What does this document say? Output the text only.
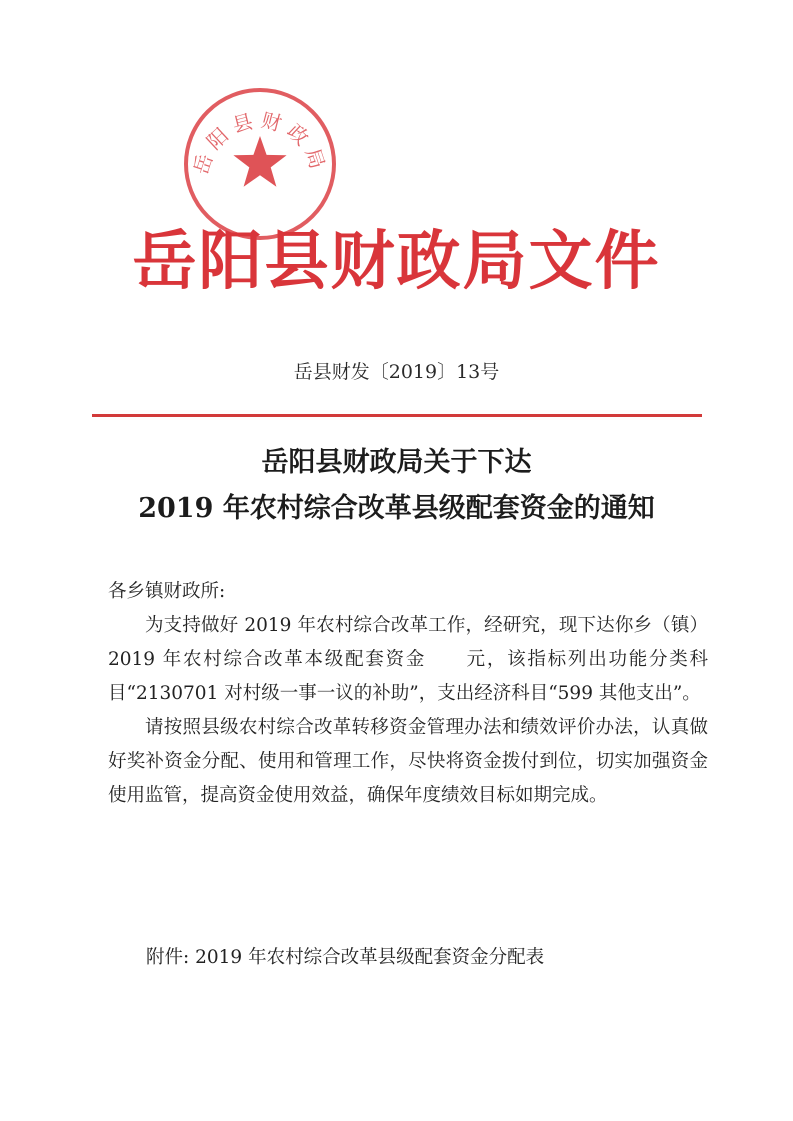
岳阳县财政局
岳阳县财政局文件
岳县财发〔2019〕13号
岳阳县财政局关于下达
2019 年农村综合改革县级配套资金的通知

各乡镇财政所:

为支持做好 2019 年农村综合改革工作，经研究，现下达你乡（镇）2019 年农村综合改革本级配套资金　　元，该指标列出功能分类科目“2130701 对村级一事一议的补助”，支出经济科目“599 其他支出”。

请按照县级农村综合改革转移资金管理办法和绩效评价办法，认真做好奖补资金分配、使用和管理工作，尽快将资金拨付到位，切实加强资金使用监管，提高资金使用效益，确保年度绩效目标如期完成。

附件: 2019 年农村综合改革县级配套资金分配表
